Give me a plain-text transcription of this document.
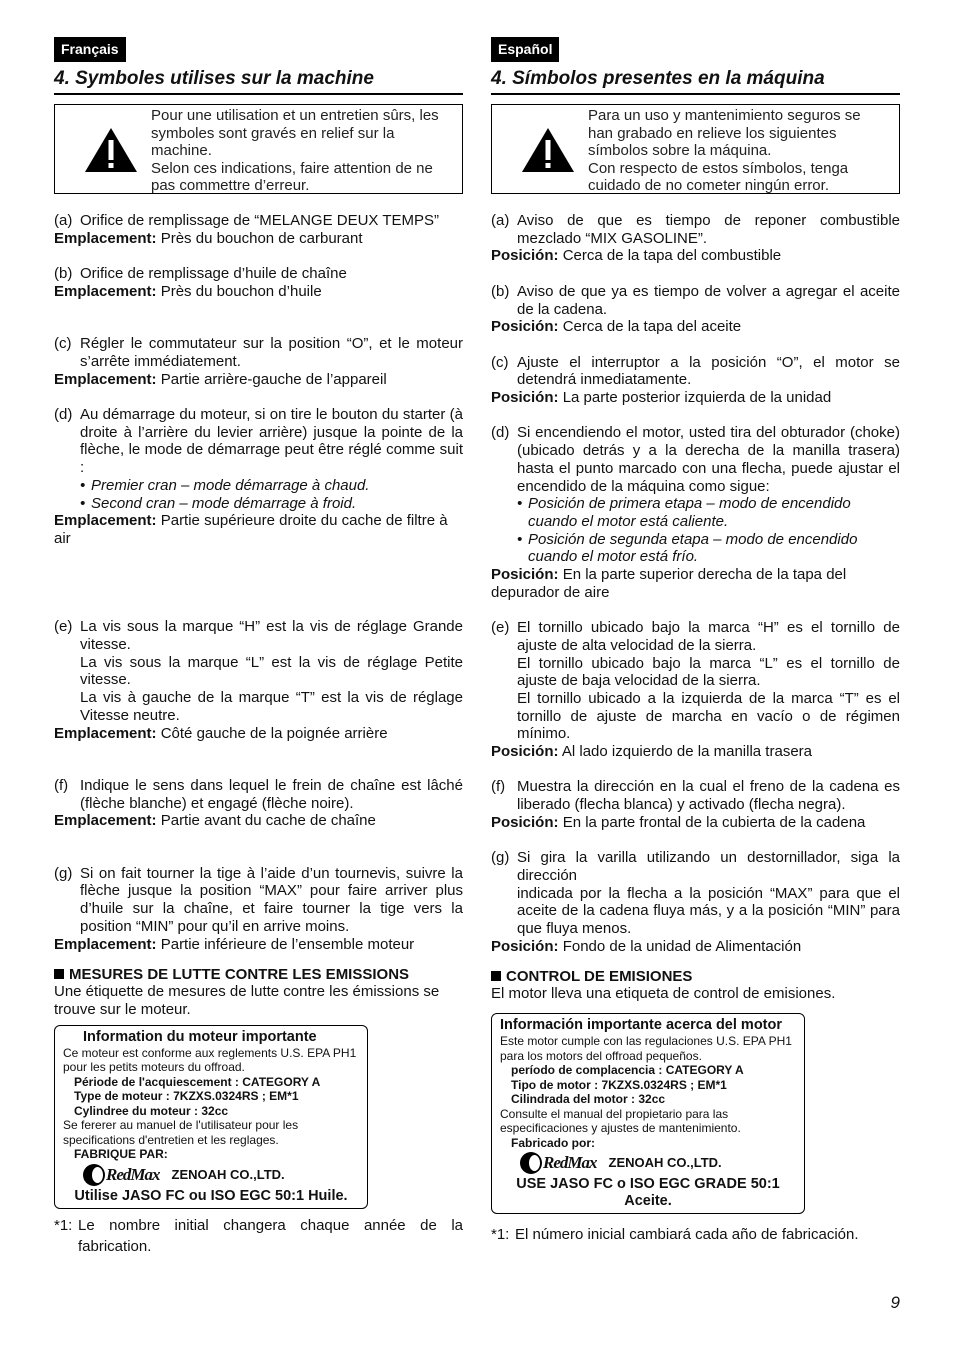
Français
4. Symboles utilises sur la machine
Pour une utilisation et un entretien sûrs, les symboles sont gravés en relief sur la machine.
Selon ces indications, faire attention de ne pas commettre d’erreur.
(a) Orifice de remplissage de “MELANGE DEUX TEMPS”
Emplacement: Près du bouchon de carburant
(b) Orifice de remplissage d’huile de chaîne
Emplacement: Près du bouchon d’huile
(c) Régler le commutateur sur la position “O”, et le moteur s’arrête immédiatement.
Emplacement: Partie arrière-gauche de l’appareil
(d) Au démarrage du moteur, si on tire le bouton du starter (à droite à l’arrière du levier arrière) jusque la pointe de la flèche, le mode de démarrage peut être réglé comme suit :
• Premier cran – mode démarrage à chaud.
• Second cran – mode démarrage à froid.
Emplacement: Partie supérieure droite du cache de filtre à air
(e) La vis sous la marque “H” est la vis de réglage Grande vitesse.
La vis sous la marque “L” est la vis de réglage Petite vitesse.
La vis à gauche de la marque “T” est la vis de réglage Vitesse neutre.
Emplacement: Côté gauche de la poignée arrière
(f) Indique le sens dans lequel le frein de chaîne est lâché (flèche blanche) et engagé (flèche noire).
Emplacement: Partie avant du cache de chaîne
(g) Si on fait tourner la tige à l’aide d’un tournevis, suivre la flèche jusque la position “MAX” pour faire arriver plus d’huile sur la chaîne, et faire tourner la tige vers la position “MIN” pour qu’il en arrive moins.
Emplacement: Partie inférieure de l’ensemble moteur
MESURES DE LUTTE CONTRE LES EMISSIONS
Une étiquette de mesures de lutte contre les émissions se trouve sur le moteur.
Information du moteur importante
Ce moteur est conforme aux reglements U.S. EPA PH1 pour les petits moteurs du offroad.
Période de l'acquiescement : CATEGORY A
Type de moteur : 7KZXS.0324RS ; EM*1
Cylindree du moteur : 32cc
Se fererer au manuel de l'utilisateur pour les specifications d'entretien et les reglages.
FABRIQUE PAR:
RedMax ZENOAH CO.,LTD.
Utilise JASO FC ou ISO EGC 50:1 Huile.
*1: Le nombre initial changera chaque année de la fabrication.
Español
4. Símbolos presentes en la máquina
Para un uso y mantenimiento seguros se han grabado en relieve los siguientes símbolos sobre la máquina.
Con respecto de estos símbolos, tenga cuidado de no cometer ningún error.
(a) Aviso de que es tiempo de reponer combustible mezclado “MIX GASOLINE”.
Posición: Cerca de la tapa del combustible
(b) Aviso de que ya es tiempo de volver a agregar el aceite de la cadena.
Posición: Cerca de la tapa del aceite
(c) Ajuste el interruptor a la posición “O”, el motor se detendrá inmediatamente.
Posición: La parte posterior izquierda de la unidad
(d) Si encendiendo el motor, usted tira del obturador (choke) (ubicado detrás y a la derecha de la manilla trasera) hasta el punto marcado con una flecha, puede ajustar el encendido de la máquina como sigue:
• Posición de primera etapa – modo de encendido cuando el motor está caliente.
• Posición de segunda etapa – modo de encendido cuando el motor está frío.
Posición: En la parte superior derecha de la tapa del depurador de aire
(e) El tornillo ubicado bajo la marca “H” es el tornillo de ajuste de alta velocidad de la sierra.
El tornillo ubicado bajo la marca “L” es el tornillo de ajuste de baja velocidad de la sierra.
El tornillo ubicado a la izquierda de la marca “T” es el tornillo de ajuste de marcha en vacío o de régimen mínimo.
Posición: Al lado izquierdo de la manilla trasera
(f) Muestra la dirección en la cual el freno de la cadena es liberado (flecha blanca) y activado (flecha negra).
Posición: En la parte frontal de la cubierta de la cadena
(g) Si gira la varilla utilizando un destornillador, siga la dirección
indicada por la flecha a la posición “MAX” para que el aceite de la cadena fluya más, y a la posición “MIN” para que fluya menos.
Posición: Fondo de la unidad de Alimentación
CONTROL DE EMISIONES
El motor lleva una etiqueta de control de emisiones.
Información importante acerca del motor
Este motor cumple con las regulaciones U.S. EPA PH1 para los motors del offroad pequeños.
período de complacencia : CATEGORY A
Tipo de motor : 7KZXS.0324RS ; EM*1
Cilindrada del motor : 32cc
Consulte el manual del propietario para las especificaciones y ajustes de mantenimiento.
Fabricado por:
RedMax ZENOAH CO.,LTD.
USE JASO FC o ISO EGC GRADE 50:1 Aceite.
*1: El número inicial cambiará cada año de fabricación.
9
